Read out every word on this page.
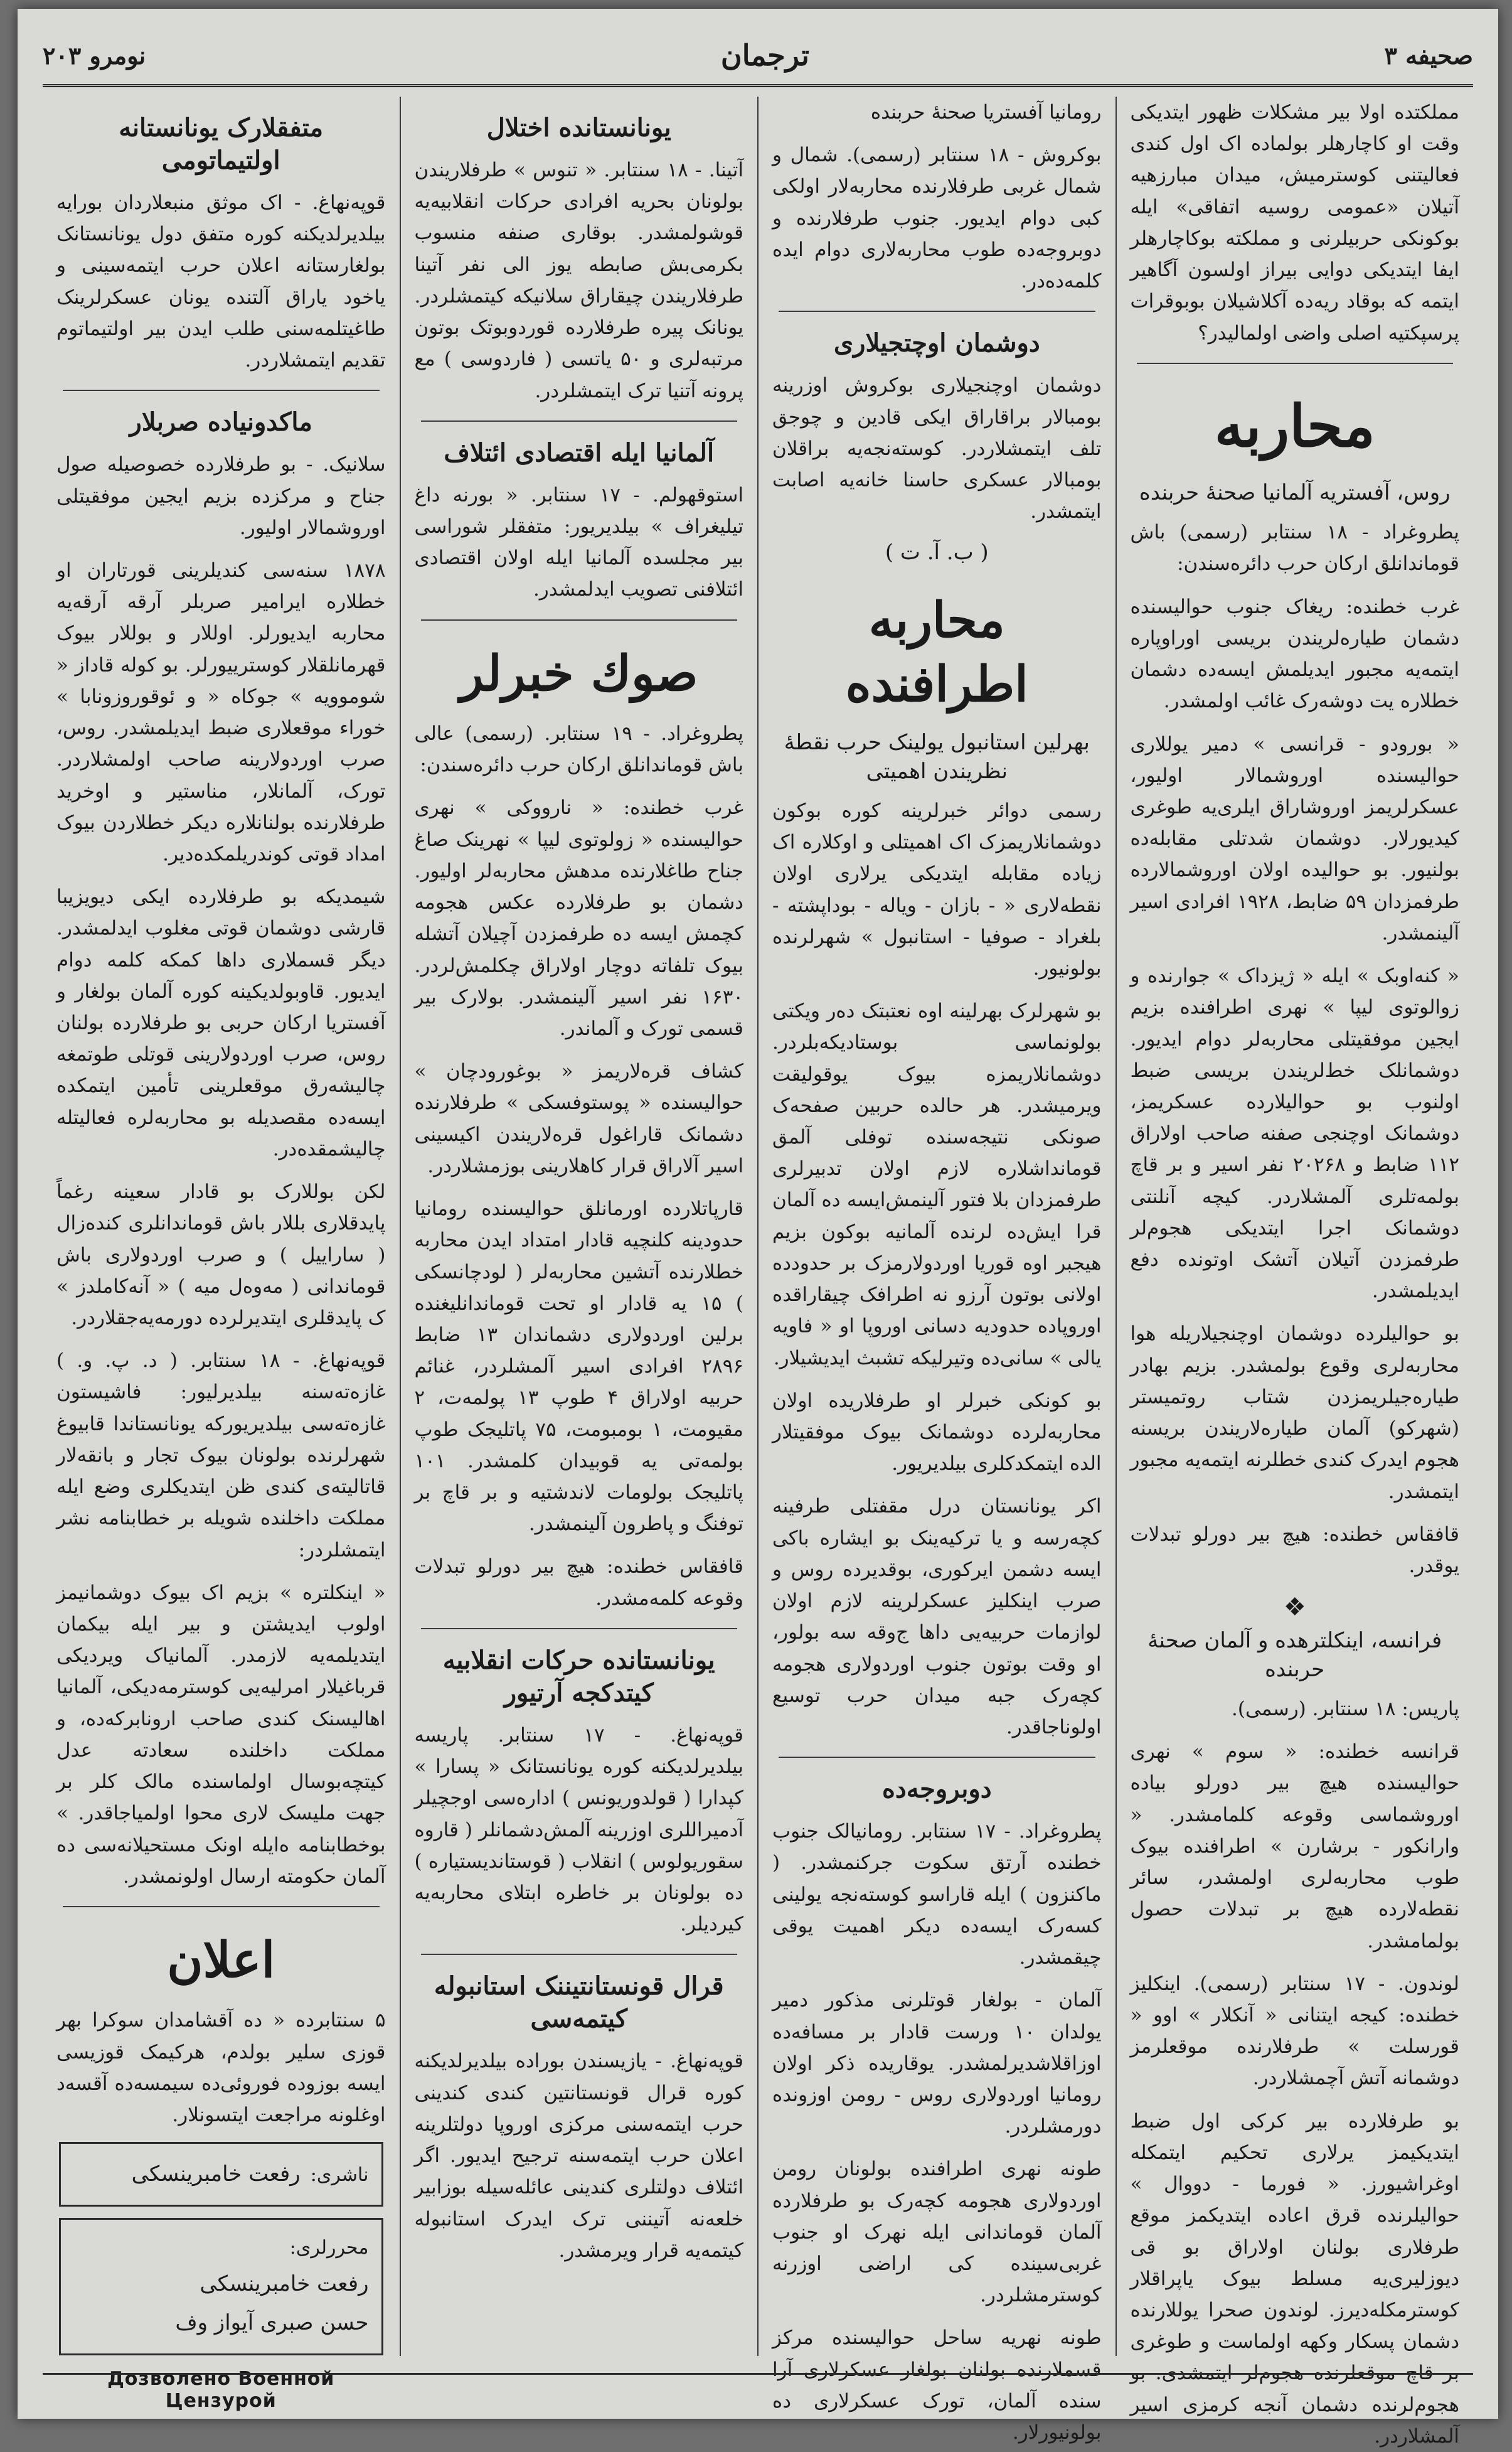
صحیفه ۳
ترجمان
نومرو ۲۰۳

مملکتده اولا بیر مشکلات ظهور ایتدیکی وقت او کاچارهلر بولماده اک اول کندی فعالیتنی کوسترمیش، میدان مبارزهیه آتیلان «عمومی روسیه اتفاقی» ایله بوکونکی حربیلرنی و مملکته بوکاچارهلر ایفا ایتدیکی دوایی بیراز اولسون آگاهیر ایتمه که بوقاد ریه‌ده آکلاشیلان بوبوقرات پرسپکتیه اصلی واضی اولمالیدر؟

محاربه
روس، آفستریه آلمانیا صحنهٔ حربنده

پطروغراد - ۱۸ سنتابر (رسمی) باش قوماندانلق ارکان حرب دائره‌سندن:

غرب خطنده: ریغاک جنوب حوالیسنده دشمان طیاره‌لریندن بریسی اوراوپاره ایتمه‌یه مجبور ایدیلمش ایسه‌ده دشمان خطلاره‌ یت دوشه‌رک غائب اولمشدر.

« بورودو - قرانسی » دمیر یوللاری حوالیسنده اوروشمالار اولیور، عسکرلریمز اوروشاراق ایلری‌یه طوغری کیدیورلار. دوشمان شدتلی مقابله‌ده بولنیور. بو حوالیده اولان اوروشمالارده طرفمزدان ۵۹ ضابط، ۱۹۲۸ افرادی اسیر آلینمشدر.

« کنه‌اوبک » ایله « ژیزداک » جوارنده و زوالوتوی لیپا » نهری اطرافنده بزیم ایجین موفقیتلی محاربه‌لر دوام ایدیور. دوشمانلک خط‌لریندن بریسی ضبط اولنوب بو حوالیلارده عسکریمز، دوشمانک اوچنجی صفنه صاحب اولاراق ۱۱۲ ضابط و ۲۰۲۶۸ نفر اسیر و بر قاچ بولمه‌تلری آلمشلاردر. کیچه آنلنتی دوشمانک اجرا ایتدیکی هجوم‌لر طرفمزدن آتیلان آتشک اوتونده دفع ایدیلمشدر.

بو حوالیلرده دوشمان اوچنجیلاریله هوا محاربه‌لری وقوع بولمشدر. بزیم بهادر طیاره‌جیلریمزدن شتاب روتمیستر (شهرکو) آلمان طیاره‌لاریندن بریسنه هجوم ایدرک کندی خطلرنه ایتمه‌یه مجبور ایتمشدر.

قافقاس خطنده: هیچ بیر دورلو تبدلات یوقدر.

❖
فرانسه، اینکلترهده و آلمان صحنهٔ حربنده

پاریس: ۱۸ سنتابر. (رسمی).

قرانسه خطنده: « سوم » نهری حوالیسنده هیچ بیر دورلو بیاده اوروشماسی وقوعه کلمامشدر. « وارانکور - برشارن » اطرافنده بیوک طوب محاربه‌لری اولمشدر، سائر نقطه‌لارده هیچ بر تبدلات حصول بولمامشدر.

لوندون. - ۱۷ سنتابر (رسمی). اینکلیز خطنده: کیجه ایتنانی « آنکلار » اوو « قورسلت » طرفلارنده موقعلرمز دوشمانه آتش آچمشلاردر.

بو طرفلارده بیر کرکی اول ضبط ایتدیکیمز یرلاری تحکیم ایتمکله اوغراشیورز. « فورما - دووال » حوالیلرنده قرق اعاده ایتدیکمز موقع طرفلاری بولنان اولاراق بو قی دیوزلیری‌یه مسلط بیوک یاپراقلار کوسترمکله‌دیرز. لوندون صحرا یوللارنده دشمان پسکار وکهه اولماست و طوغری بر قاچ موقعلرنده هجوم‌لر ایتمشدی. بو هجوم‌لرنده دشمان آ‌نجه کرمزی اسیر آلمشلاردر.

رومانیا آفستریا صحنهٔ حربنده

بوکروش - ۱۸ سنتابر (رسمی). شمال و شمال غربی طرفلارنده محاربه‌لار اولکی کبی دوام ایدیور. جنوب طرفلارنده و دوبروجه‌ده طوب محاربه‌لاری دوام ایده کلمه‌ده‌در.

دوشمان اوچتجیلاری

دوشمان اوچنجیلاری بوکروش اوزرینه بومبالار براقاراق ایکی قادین و چوجق تلف ایتمشلاردر. کوسته‌نجه‌یه براقلان بومبالار عسکری حاسنا خانه‌یه اصابت ایتمشدر.

( ب. آ. ت )
محاربه اطرافنده
بهرلین استانبول یولینک حرب نقطهٔ نظریندن اهمیتی

رسمی دوائر خبرلرینه کوره بوکون دوشمانلاریمزک اک اهمیتلی و اوکلاره اک زیاده مقابله ایتدیکی یرلاری اولان نقطه‌لاری « - بازان - ویاله - بوداپشته - بلغراد - صوفیا - استانبول » شهرلرنده بولونیور.

بو شهرلرک بهرلینه‌ اوه نعتبتک ده‌ر ویکتی بولونماسی بوستادیکه‌بلردر. دوشمانلاریمزه بیوک یوقولیقت ویرمیشدر. هر حالده حربین صفحه‌ک صونکی نتیجه‌سنده توفلی آلمق قومانداشلاره لازم اولان تدبیرلری طرفمزدان بلا فتور آلینمش‌ایسه ده آلمان قرا ایش‌ده‌ لرنده آلمانیه بوکون بزیم هیجبر اوه قوریا اوردولارمزک بر حدودده اولانی بوتون آرزو نه اطرافک چیقاراقده اوروپا‌ده حدودیه دسانی اوروپا او « فاویه یالی » سانی‌ده وتیرلیکه تشبث ایدیشیلار.

بو کونکی خبرلر او طرفلاریده اولان محاربه‌لرده دوشمانک بیوک موفقیتلار الده ایتمکدکلری بیلدیریور.

اکر یونانستان درل مقفتلی طرفینه کچه‌رسه و یا ترکیه‌ینک بو ایشاره باکی ایسه دشمن ایرکوری، بوقدیرده روس و صرب اینکلیز عسکرلرینه لازم اولان لوازمات حربیه‌یی داها ج‌وقه سه بولور، او وقت بوتون جنوب اوردولاری هجومه کچه‌رک جبه میدان حرب توسیع اولوناجاقدر.

دوبروجه‌ده

پطروغراد. - ۱۷ سنتابر. رومانیا‌لک جنوب خطنده آرتق سکوت جرکنمشدر. ( ماکنزون ) ایله قاراسو کوسته‌نجه یولینی کسه‌رک ایسه‌ده دیکر اهمیت یوقی چیقمشدر.

آلمان - بولغار قوتلرنی مذکور دمیر یولدان ۱۰ ورست قادار بر مسافه‌ده اوزاقلاشدیرلمشدر. یوقاریده ذکر اولان رومانیا اوردولاری روس - رومن اوزونده دورمشلردر.

طونه نهری اطرافنده بولونان رومن اوردولاری هجومه کچه‌رک بو طرفلارده آلمان قوماندانی ایله نهرک او جنوب غربی‌سینده کی اراضی اوزرنه کوسترمشلردر.

طونه نهریه ساحل حوالیسنده مرکز قسملارنده بولنان بولغار عسکرلاری آرا سنده آلمان، تورک عسکرلاری ده بولونیورلار.

یونانستانده اختلال

آتینا. - ۱۸ سنتابر. « تنوس » طرفلاریندن بولونان بحریه افرادی حرکات انقلابیه‌یه قوشولمشدر. بوقاری صنفه منسوب بکرمی‌بش صابطه یوز الی نفر آتینا طرفلاریندن چیقاراق سلانیکه کیتمشلردر. یونانک پیره طرفلارده قوردوبوتک بوتون مرتبه‌لری و ۵۰ یاتسی ( فاردوسی ) مع پرونه آتنیا ترک ایتمشلردر.

آلمانیا ایله اقتصادی ائتلاف

استوقهولم. - ۱۷ سنتابر. « بورنه داغ تیلیغراف » بیلدیریور: متفقلر شوراسی بیر مجلسده آلمانیا ایله اولان اقتصادی ائتلافنی تصویب ایدلمشدر.

صوك خبرلر

پطروغراد. - ۱۹ سنتابر. (رسمی) عالی باش قوماندانلق ارکان حرب دائره‌سندن:

غرب خطنده: « نارووکی » نهری حوالیسنده « زولوتوی لیپا » نهرینک صاغ جناح طاغلارنده مدهش محاربه‌لر اولیور. دشمان بو طرفلارده عکس هجومه کچمش ایسه ده طرفمزدن آچیلان آتشله بیوک تلفاته دوچار اولاراق چکلمش‌لردر. ۱۶۳۰ نفر اسیر آلینمشدر. بولارک بیر قسمی تورک و آلماندر.

کشاف قره‌لاریمز « بوغورودچان » حوالیسنده « پوستوفسکی » طرفلارنده دشمانک قاراغول قره‌لاریندن اکیسینی اسیر آلاراق قرار کاهلارینی بوزمشلاردر.

قارپاتلارده اورمانلق حوالیسنده رومانیا حدودینه کلنچیه قادار امتداد ایدن محاربه خطلارنده آتشین محاربه‌لر ( لودچانسکی ) ۱۵ یه قادار او تحت قوماندانلیغنده برلین اوردولاری دشماندان ۱۳ ضابط ۲۸۹۶ افرادی اسیر آلمشلردر، غنائم حربیه اولاراق ۴ طوپ ۱۳ پولمه‌ت، ۲ مقیومت، ۱ بومبومت، ۷۵ پاتلیجک طوپ بولمه‌تی یه قوبیدان کلمشدر. ۱۰۱ پاتلیجک بولومات لاندشتیه و بر قاچ بر توفنگ و پاطرون آلینمشدر.

قافقاس خطنده: هیچ بیر دورلو تبدلات وقوعه کلمه‌مشدر.

یونانستانده حرکات انقلابیه کیتدکجه آرتیور

قوپه‌نهاغ. - ۱۷ سنتابر. پاریسه بیلدیرلدیکنه کوره یونانستانک « پسارا » کپدارا ( قولدوریونس ) اداره‌سی اوجچیلر آدمیراللری اوزرینه آلمش‌دشمانلر ( قاروه سقوریولوس ) انقلاب ( قوستاندیستیاره ) ده بولونان بر خاطره ابتلای محاربه‌یه کیردیلر.

قرال قونستانتیننک استانبوله کیتمه‌سی

قوپه‌نهاغ. - یازیسندن بوراده بیلدیرلدیکنه کوره قرال قونستانتین کندی کندینی حرب ایتمه‌سنی مرکزی اوروپا دولتلرینه اعلان حرب ایتمه‌سنه ترجیح ایدیور. اگر ائتلاف دولتلری کندینی عائله‌سیله بوزابیر خلعه‌نه آتیننی ترک ایدرک استانبوله کیتمه‌یه قرار ویرمشدر.

متفقلارک یونانستانه اولتیماتومی

قوپه‌نهاغ. - اک موثق منبعلاردان بورایه بیلدیرلدیکنه کوره متفق دول یونانستانک بولغارستانه اعلان حرب ایتمه‌سینی و یاخود یاراق آلتنده یونان عسکرلرینک طاغیتلمه‌سنی طلب ایدن بیر اولتیماتوم تقدیم ایتمشلاردر.

ماکدونیاده صربلار

سلانیک. - بو طرفلارده خصوصیله صول جناح و مرکزده بزیم ایجین موفقیتلی اوروشمالار اولیور.

۱۸۷۸ سنه‌سی کندیلرینی قورتاران او خطلاره ایرامیر صربلر آرقه آرقه‌یه محاربه ایدیورلر. اوللار و بوللار بیوک قهرمانلقلار کوسترییورلر. بو کوله قاداز « شوموویه » جوکاه « و ئوقوروزونابا » خوراء موقعلاری ضبط ایدیلمشدر. روس، صرب اوردولارینه صاحب اولمشلاردر. تورک، آلمانلار، مناستیر و اوخرید طرفلارنده بولنانلاره دیکر خطلاردن بیوک امداد قوتی کوندریلمکده‌دیر.

شیمدیکه بو طرفلارده ایکی دیویزیبا قارشی دوشمان قوتی مغلوب ایدلمشدر. دیگر قسملاری داها کمکه کلمه دوام ایدیور. قاوبولدیکینه کوره آلمان بولغار و آفستریا ارکان حربی بو طرفلارده بولنان روس، صرب اوردولارینی قوتلی طوتمغه چالیشه‌رق موقعلرینی تأمین ایتمکده ایسه‌ده مقصدیله بو محاربه‌لره فعالیتله چالیشمقده‌در.

لکن بوللارک بو قادار سعینه رغماً پایدقلاری بللار باش قوماندانلری کنده‌زال ( ساراییل ) و صرب اوردولاری باش قوماندانی ( مه‌وه‌ل میه ) « آنه‌کاملدز » ک پایدقلری ایتدیرلرده دورمه‌یه‌جقلاردر.

قوپه‌نهاغ. - ۱۸ سنتابر. ( د. پ. و. ) غازه‌ته‌سنه بیلدیرلیور: فاشیستون غازه‌ته‌سی بیلدیریورکه یونانستاندا قابیوغ شهرلرنده بولونان بیوک تجار و بانقه‌لار قاتالیته‌ی کندی ظن ایتدیکلری وضع ایله مملکت داخلنده شویله بر خطابنامه نشر ایتمشلردر:

« اینکلتره » بزیم اک بیوک دوشمانیمز اولوب ایدیشتن و بیر ایله بیکمان ایتدیلمه‌یه لازمدر. آلمانیاک ویردیکی قرباغیلار امرلیه‌یی کوسترمه‌دیکی، آلمانیا اهالیسنک کندی صاحب ارونابرکه‌ده، و مملکت داخلنده سعادته‌ عدل کیتچه‌بوسال اولماسنده مالک کلر بر جهت ملیسک لاری محوا اولمیاجاقدر. » بوخطابنامه ه‌ایله اونک مستحیلانه‌سی ده آلمان حکومته ارسال اولونمشدر.

اعلان

۵ سنتابرده « ده آقشامدان سوکرا بهر قوزی سلیر بولدم، هرکیمک قوزیسی ایسه بوزوده فوروئی‌ده سیمسه‌ده آقسه‌د اوغلونه مراجعت ایتسونلار.

ناشری:رفعت خامبرینسکی
محررلری:
رفعت خامبرینسکی
حسن صبری آیواز وف
Дозволено Военной Цензурой
